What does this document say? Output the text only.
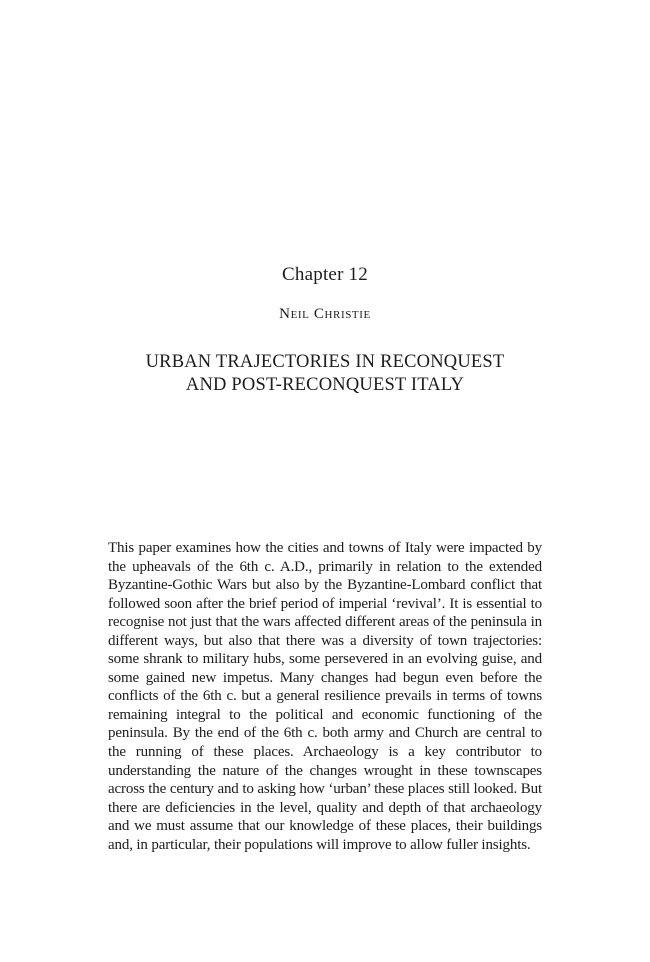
Chapter 12
Neil Christie
URBAN TRAJECTORIES IN RECONQUEST
AND POST-RECONQUEST ITALY

This paper examines how the cities and towns of Italy were impacted by the upheavals of the 6th c. A.D., primarily in relation to the extended Byzantine-Gothic Wars but also by the Byzantine-Lombard conflict that followed soon after the brief period of imperial ‘revival’. It is essential to recognise not just that the wars affected different areas of the peninsula in different ways, but also that there was a diversity of town trajectories: some shrank to military hubs, some persevered in an evolving guise, and some gained new impetus. Many changes had begun even before the conflicts of the 6th c. but a general resilience prevails in terms of towns remaining integral to the political and economic functioning of the peninsula. By the end of the 6th c. both army and Church are central to the running of these places. Archaeology is a key contributor to understanding the nature of the changes wrought in these townscapes across the century and to asking how ‘urban’ these places still looked. But there are deficiencies in the level, quality and depth of that archaeology and we must assume that our knowledge of these places, their buildings and, in particular, their populations will improve to allow fuller insights.
